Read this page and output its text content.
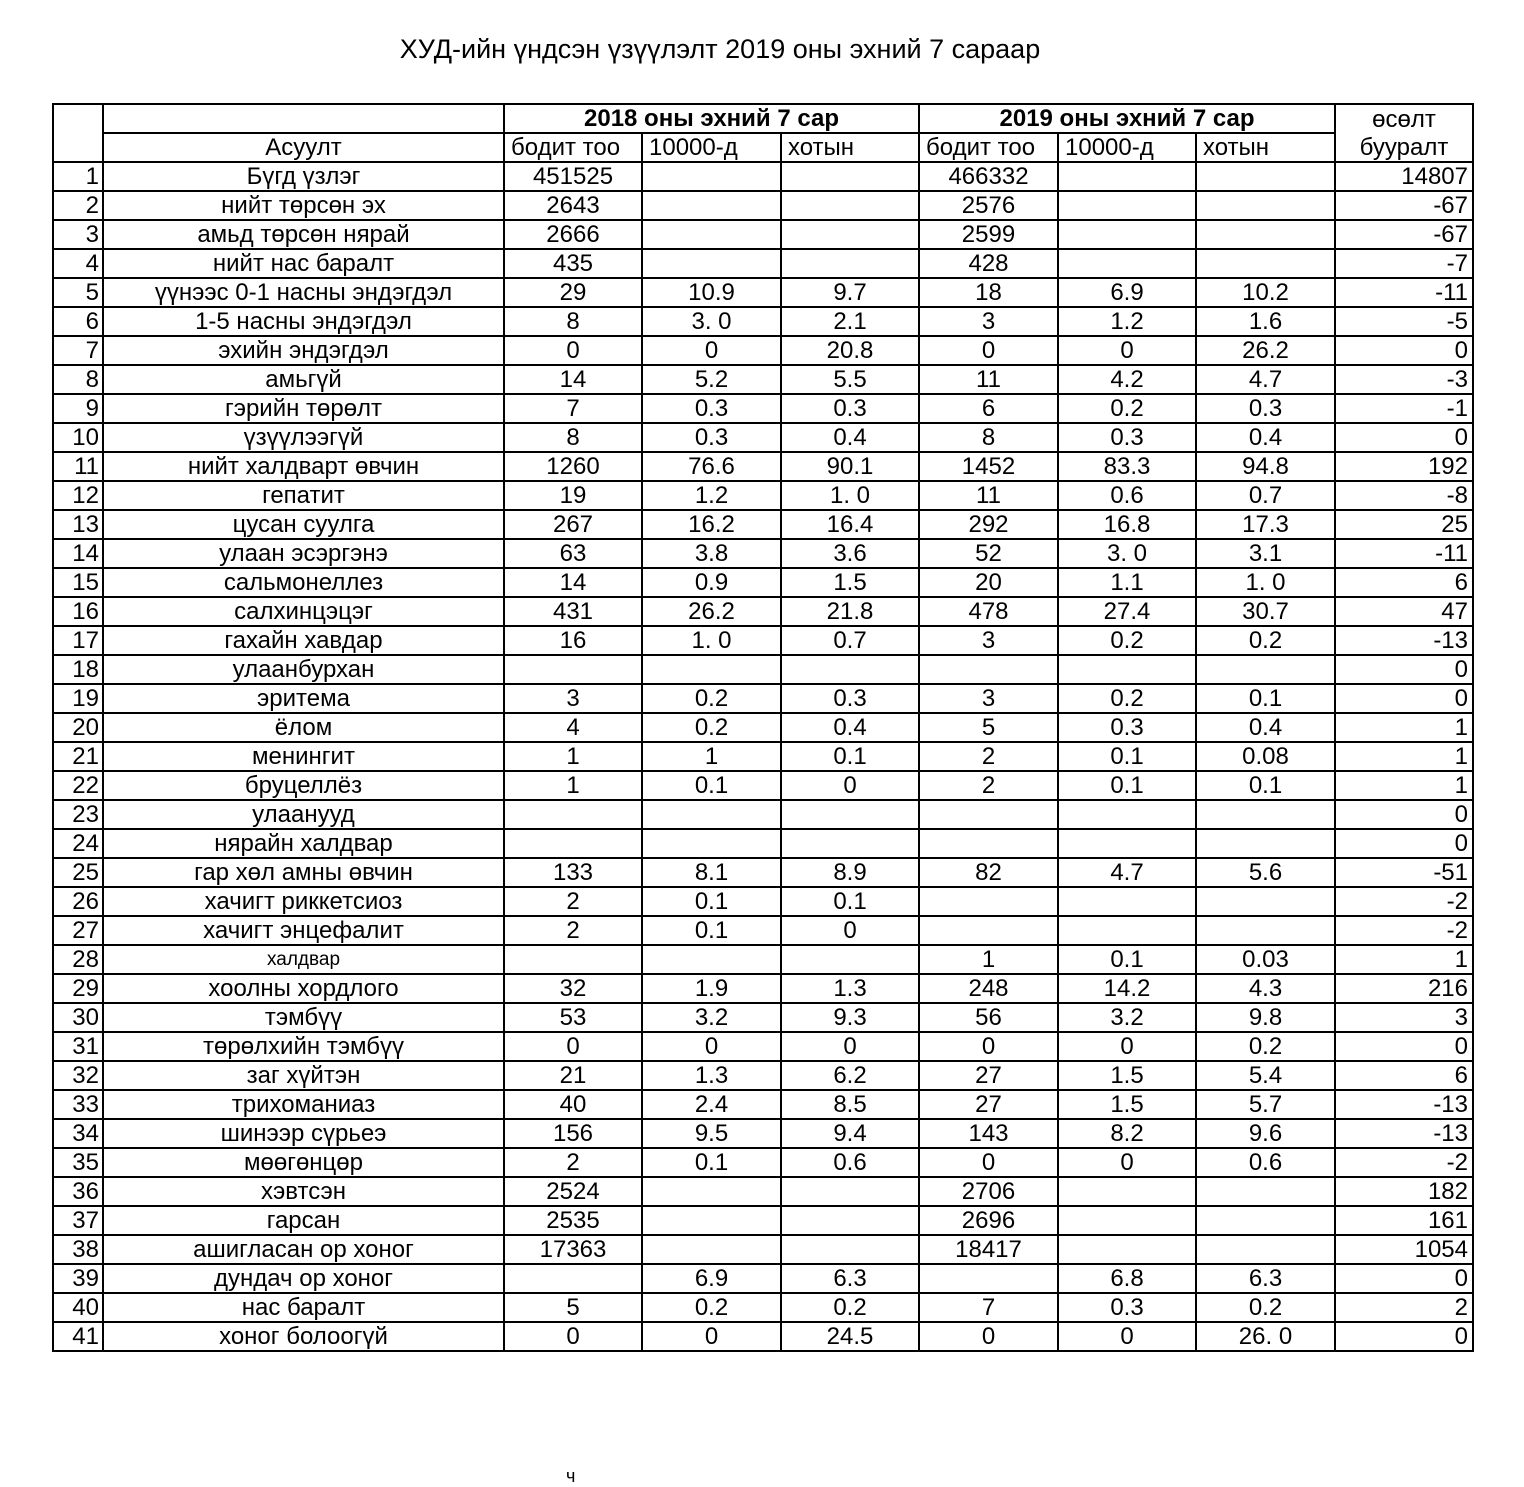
ХУД-ийн үндсэн үзүүлэлт 2019 оны эхний 7 сараар
		2018 оны эхний 7 сар			2019 оны эхний 7 сар			өсөлт
	Асуулт	бодит тоо	10000-д	хотын	бодит тоо	10000-д	хотын	бууралт
1	Бүгд үзлэг	451525			466332			14807
2	нийт төрсөн эх	2643			2576			-67
3	амьд төрсөн нярай	2666			2599			-67
4	нийт нас баралт	435			428			-7
5	үүнээс 0-1 насны эндэгдэл	29	10.9	9.7	18	6.9	10.2	-11
6	1-5 насны эндэгдэл	8	3. 0	2.1	3	1.2	1.6	-5
7	эхийн эндэгдэл	0	0	20.8	0	0	26.2	0
8	амьгүй	14	5.2	5.5	11	4.2	4.7	-3
9	гэрийн төрөлт	7	0.3	0.3	6	0.2	0.3	-1
10	үзүүлээгүй	8	0.3	0.4	8	0.3	0.4	0
11	нийт халдварт өвчин	1260	76.6	90.1	1452	83.3	94.8	192
12	гепатит	19	1.2	1. 0	11	0.6	0.7	-8
13	цусан суулга	267	16.2	16.4	292	16.8	17.3	25
14	улаан эсэргэнэ	63	3.8	3.6	52	3. 0	3.1	-11
15	сальмонеллез	14	0.9	1.5	20	1.1	1. 0	6
16	салхинцэцэг	431	26.2	21.8	478	27.4	30.7	47
17	гахайн хавдар	16	1. 0	0.7	3	0.2	0.2	-13
18	улаанбурхан							0
19	эритема	3	0.2	0.3	3	0.2	0.1	0
20	ёлом	4	0.2	0.4	5	0.3	0.4	1
21	менингит	1	1	0.1	2	0.1	0.08	1
22	бруцеллёз	1	0.1	0	2	0.1	0.1	1
23	улаанууд							0
24	нярайн халдвар							0
25	гар хөл амны өвчин	133	8.1	8.9	82	4.7	5.6	-51
26	хачигт риккетсиоз	2	0.1	0.1				-2
27	хачигт энцефалит	2	0.1	0				-2
28	халдвар				1	0.1	0.03	1
29	хоолны хордлого	32	1.9	1.3	248	14.2	4.3	216
30	тэмбүү	53	3.2	9.3	56	3.2	9.8	3
31	төрөлхийн тэмбүү	0	0	0	0	0	0.2	0
32	заг хүйтэн	21	1.3	6.2	27	1.5	5.4	6
33	трихоманиаз	40	2.4	8.5	27	1.5	5.7	-13
34	шинээр сүрьеэ	156	9.5	9.4	143	8.2	9.6	-13
35	мөөгөнцөр	2	0.1	0.6	0	0	0.6	-2
36	хэвтсэн	2524			2706			182
37	гарсан	2535			2696			161
38	ашигласан ор хоног	17363			18417			1054
39	дундач ор хоног		6.9	6.3		6.8	6.3	0
40	нас баралт	5	0.2	0.2	7	0.3	0.2	2
41	хоног болоогүй	0	0	24.5	0	0	26. 0	0
ч
